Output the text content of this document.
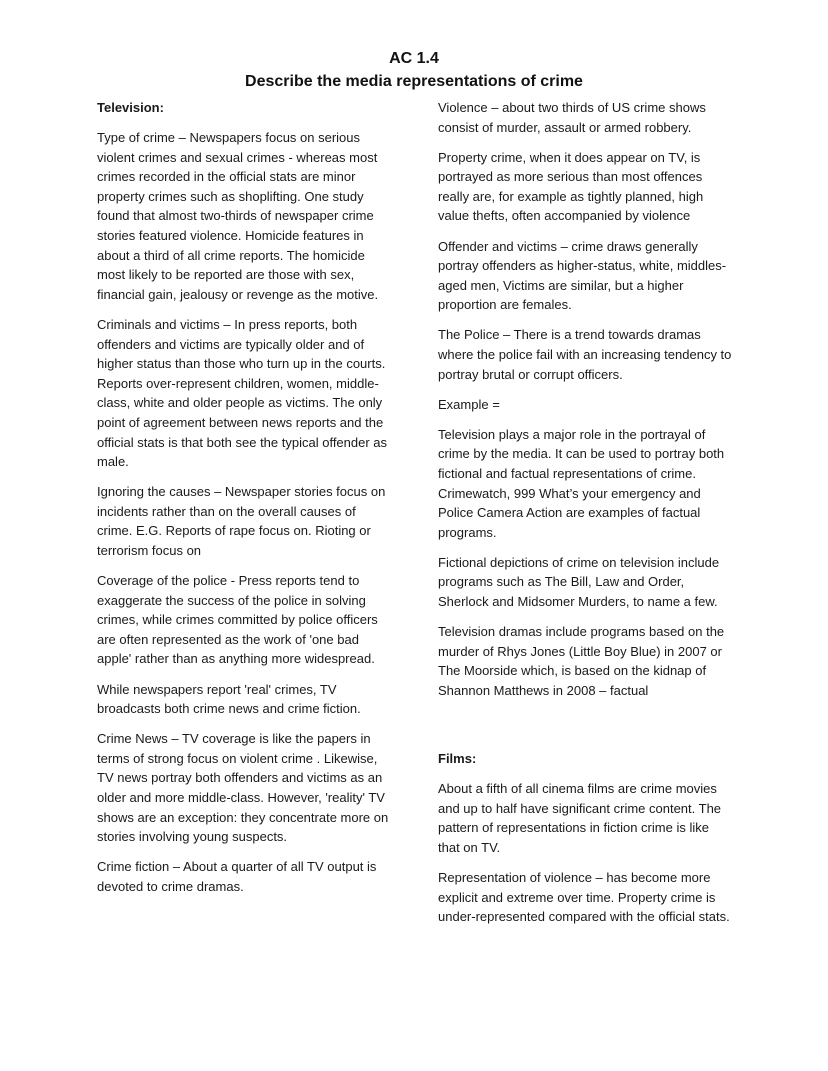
AC 1.4
Describe the media representations of crime
Television:

Type of crime – Newspapers focus on serious violent crimes and sexual crimes - whereas most crimes recorded in the official stats are minor property crimes such as shoplifting. One study found that almost two-thirds of newspaper crime stories featured violence. Homicide features in about a third of all crime reports. The homicide most likely to be reported are those with sex, financial gain, jealousy or revenge as the motive.

Criminals and victims – In press reports, both offenders and victims are typically older and of higher status than those who turn up in the courts. Reports over-represent children, women, middle-class, white and older people as victims. The only point of agreement between news reports and the official stats is that both see the typical offender as male.

Ignoring the causes – Newspaper stories focus on incidents rather than on the overall causes of crime. E.G. Reports of rape focus on. Rioting or terrorism focus on

Coverage of the police - Press reports tend to exaggerate the success of the police in solving crimes, while crimes committed by police officers are often represented as the work of 'one bad apple' rather than as anything more widespread.

While newspapers report 'real' crimes, TV broadcasts both crime news and crime fiction.

Crime News – TV coverage is like the papers in terms of strong focus on violent crime . Likewise, TV news portray both offenders and victims as an older and more middle-class. However, 'reality' TV shows are an exception: they concentrate more on stories involving young suspects.

Crime fiction – About a quarter of all TV output is devoted to crime dramas.

Violence – about two thirds of US crime shows consist of murder, assault or armed robbery.

Property crime, when it does appear on TV, is portrayed as more serious than most offences really are, for example as tightly planned, high value thefts, often accompanied by violence

Offender and victims – crime draws generally portray offenders as higher-status, white, middles-aged men, Victims are similar, but a higher proportion are females.

The Police – There is a trend towards dramas where the police fail with an increasing tendency to portray brutal or corrupt officers.

Example =

Television plays a major role in the portrayal of crime by the media. It can be used to portray both fictional and factual representations of crime. Crimewatch, 999 What’s your emergency and Police Camera Action are examples of factual programs.

Fictional depictions of crime on television include programs such as The Bill, Law and Order, Sherlock and Midsomer Murders, to name a few.

Television dramas include programs based on the murder of Rhys Jones (Little Boy Blue) in 2007 or The Moorside which, is based on the kidnap of Shannon Matthews in 2008 – factual

Films:

About a fifth of all cinema films are crime movies and up to half have significant crime content. The pattern of representations in fiction crime is like that on TV.

Representation of violence – has become more explicit and extreme over time. Property crime is under-represented compared with the official stats.
